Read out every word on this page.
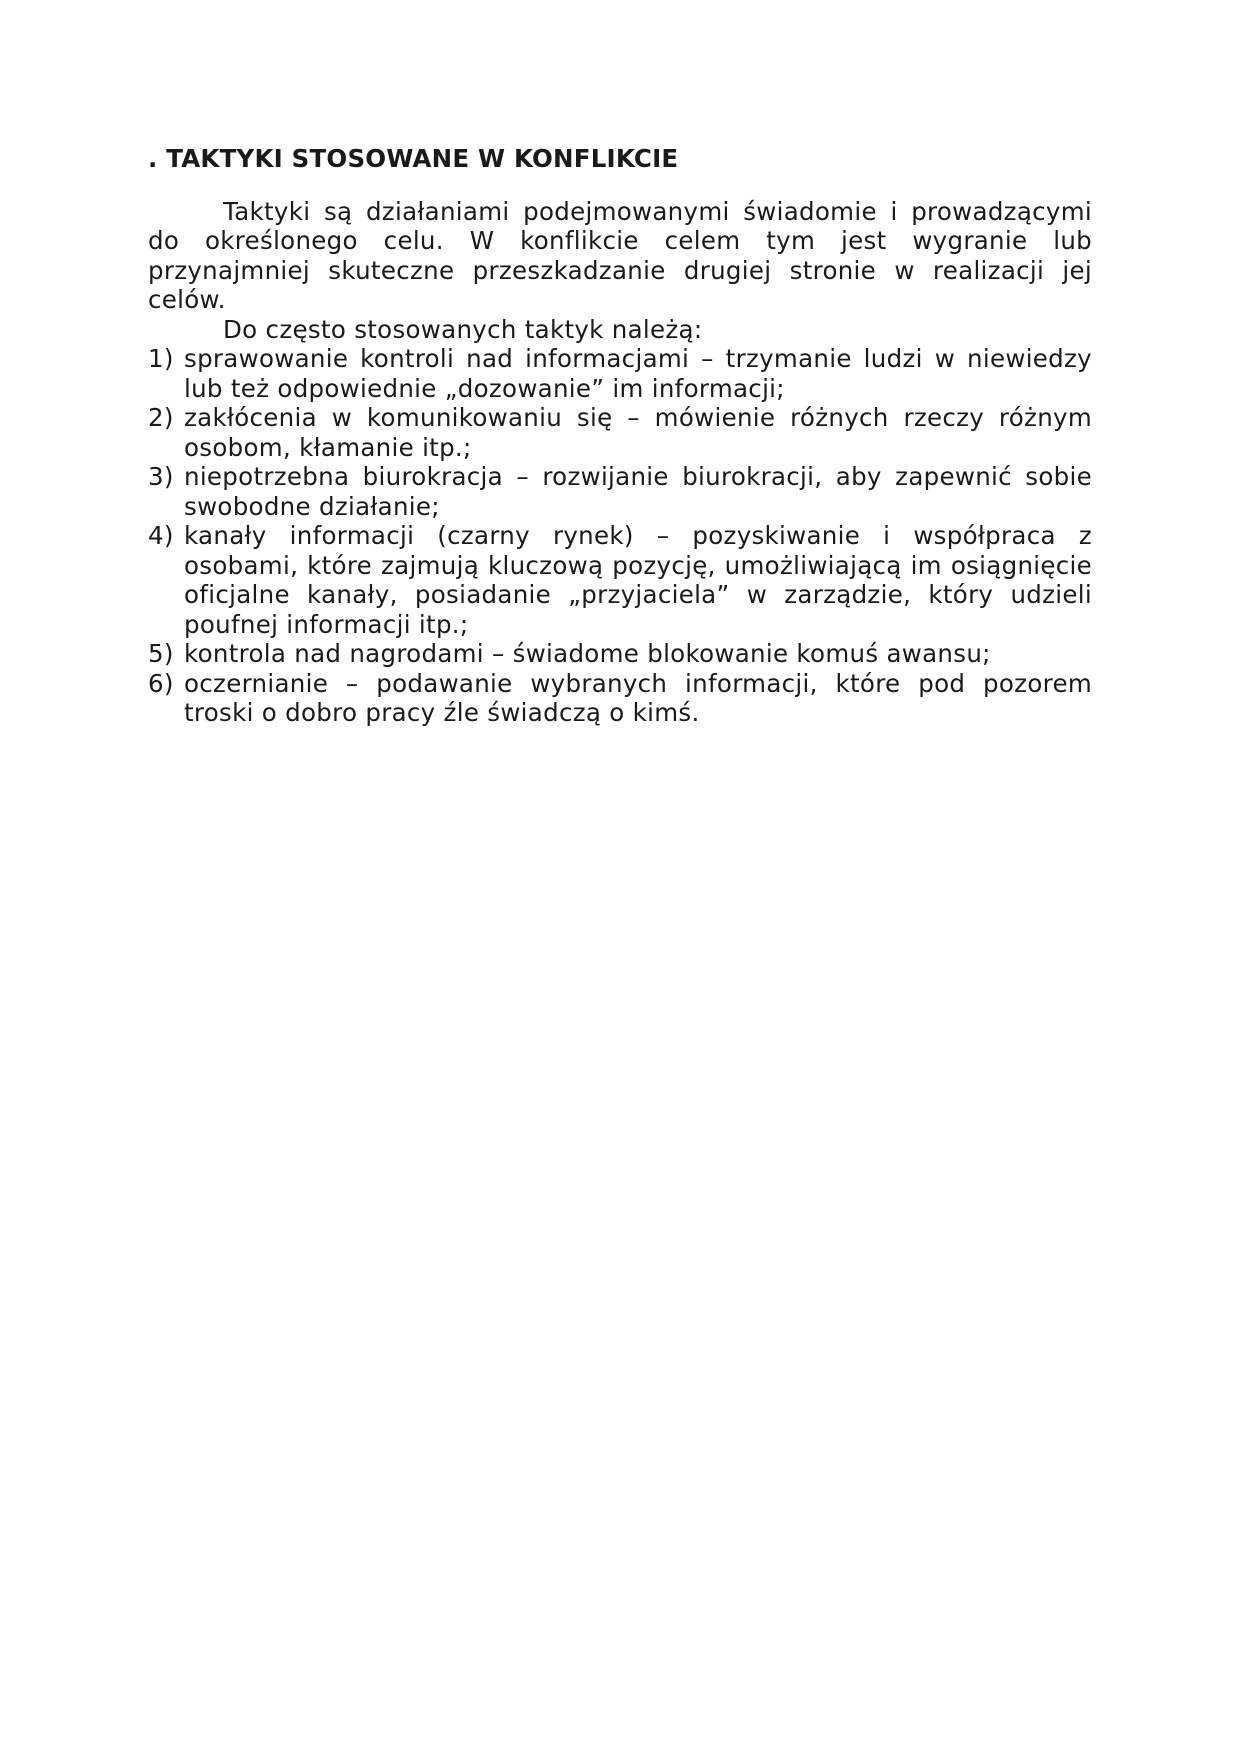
. TAKTYKI STOSOWANE W KONFLIKCIE

Taktyki są działaniami podejmowanymi świadomie i prowadzącymi do określonego celu. W konflikcie celem tym jest wygranie lub przynajmniej skuteczne przeszkadzanie drugiej stronie w realizacji jej celów.

Do często stosowanych taktyk należą:

1) sprawowanie kontroli nad informacjami – trzymanie ludzi w niewiedzy lub też odpowiednie „dozowanie” im informacji;
2) zakłócenia w komunikowaniu się – mówienie różnych rzeczy różnym osobom, kłamanie itp.;
3) niepotrzebna biurokracja – rozwijanie biurokracji, aby zapewnić sobie swobodne działanie;
4) kanały informacji (czarny rynek) – pozyskiwanie i współpraca z osobami, które zajmują kluczową pozycję, umożliwiającą im osiągnięcie oficjalne kanały, posiadanie „przyjaciela” w zarządzie, który udzieli poufnej informacji itp.;
5) kontrola nad nagrodami – świadome blokowanie komuś awansu;
6) oczernianie – podawanie wybranych informacji, które pod pozorem troski o dobro pracy źle świadczą o kimś.
